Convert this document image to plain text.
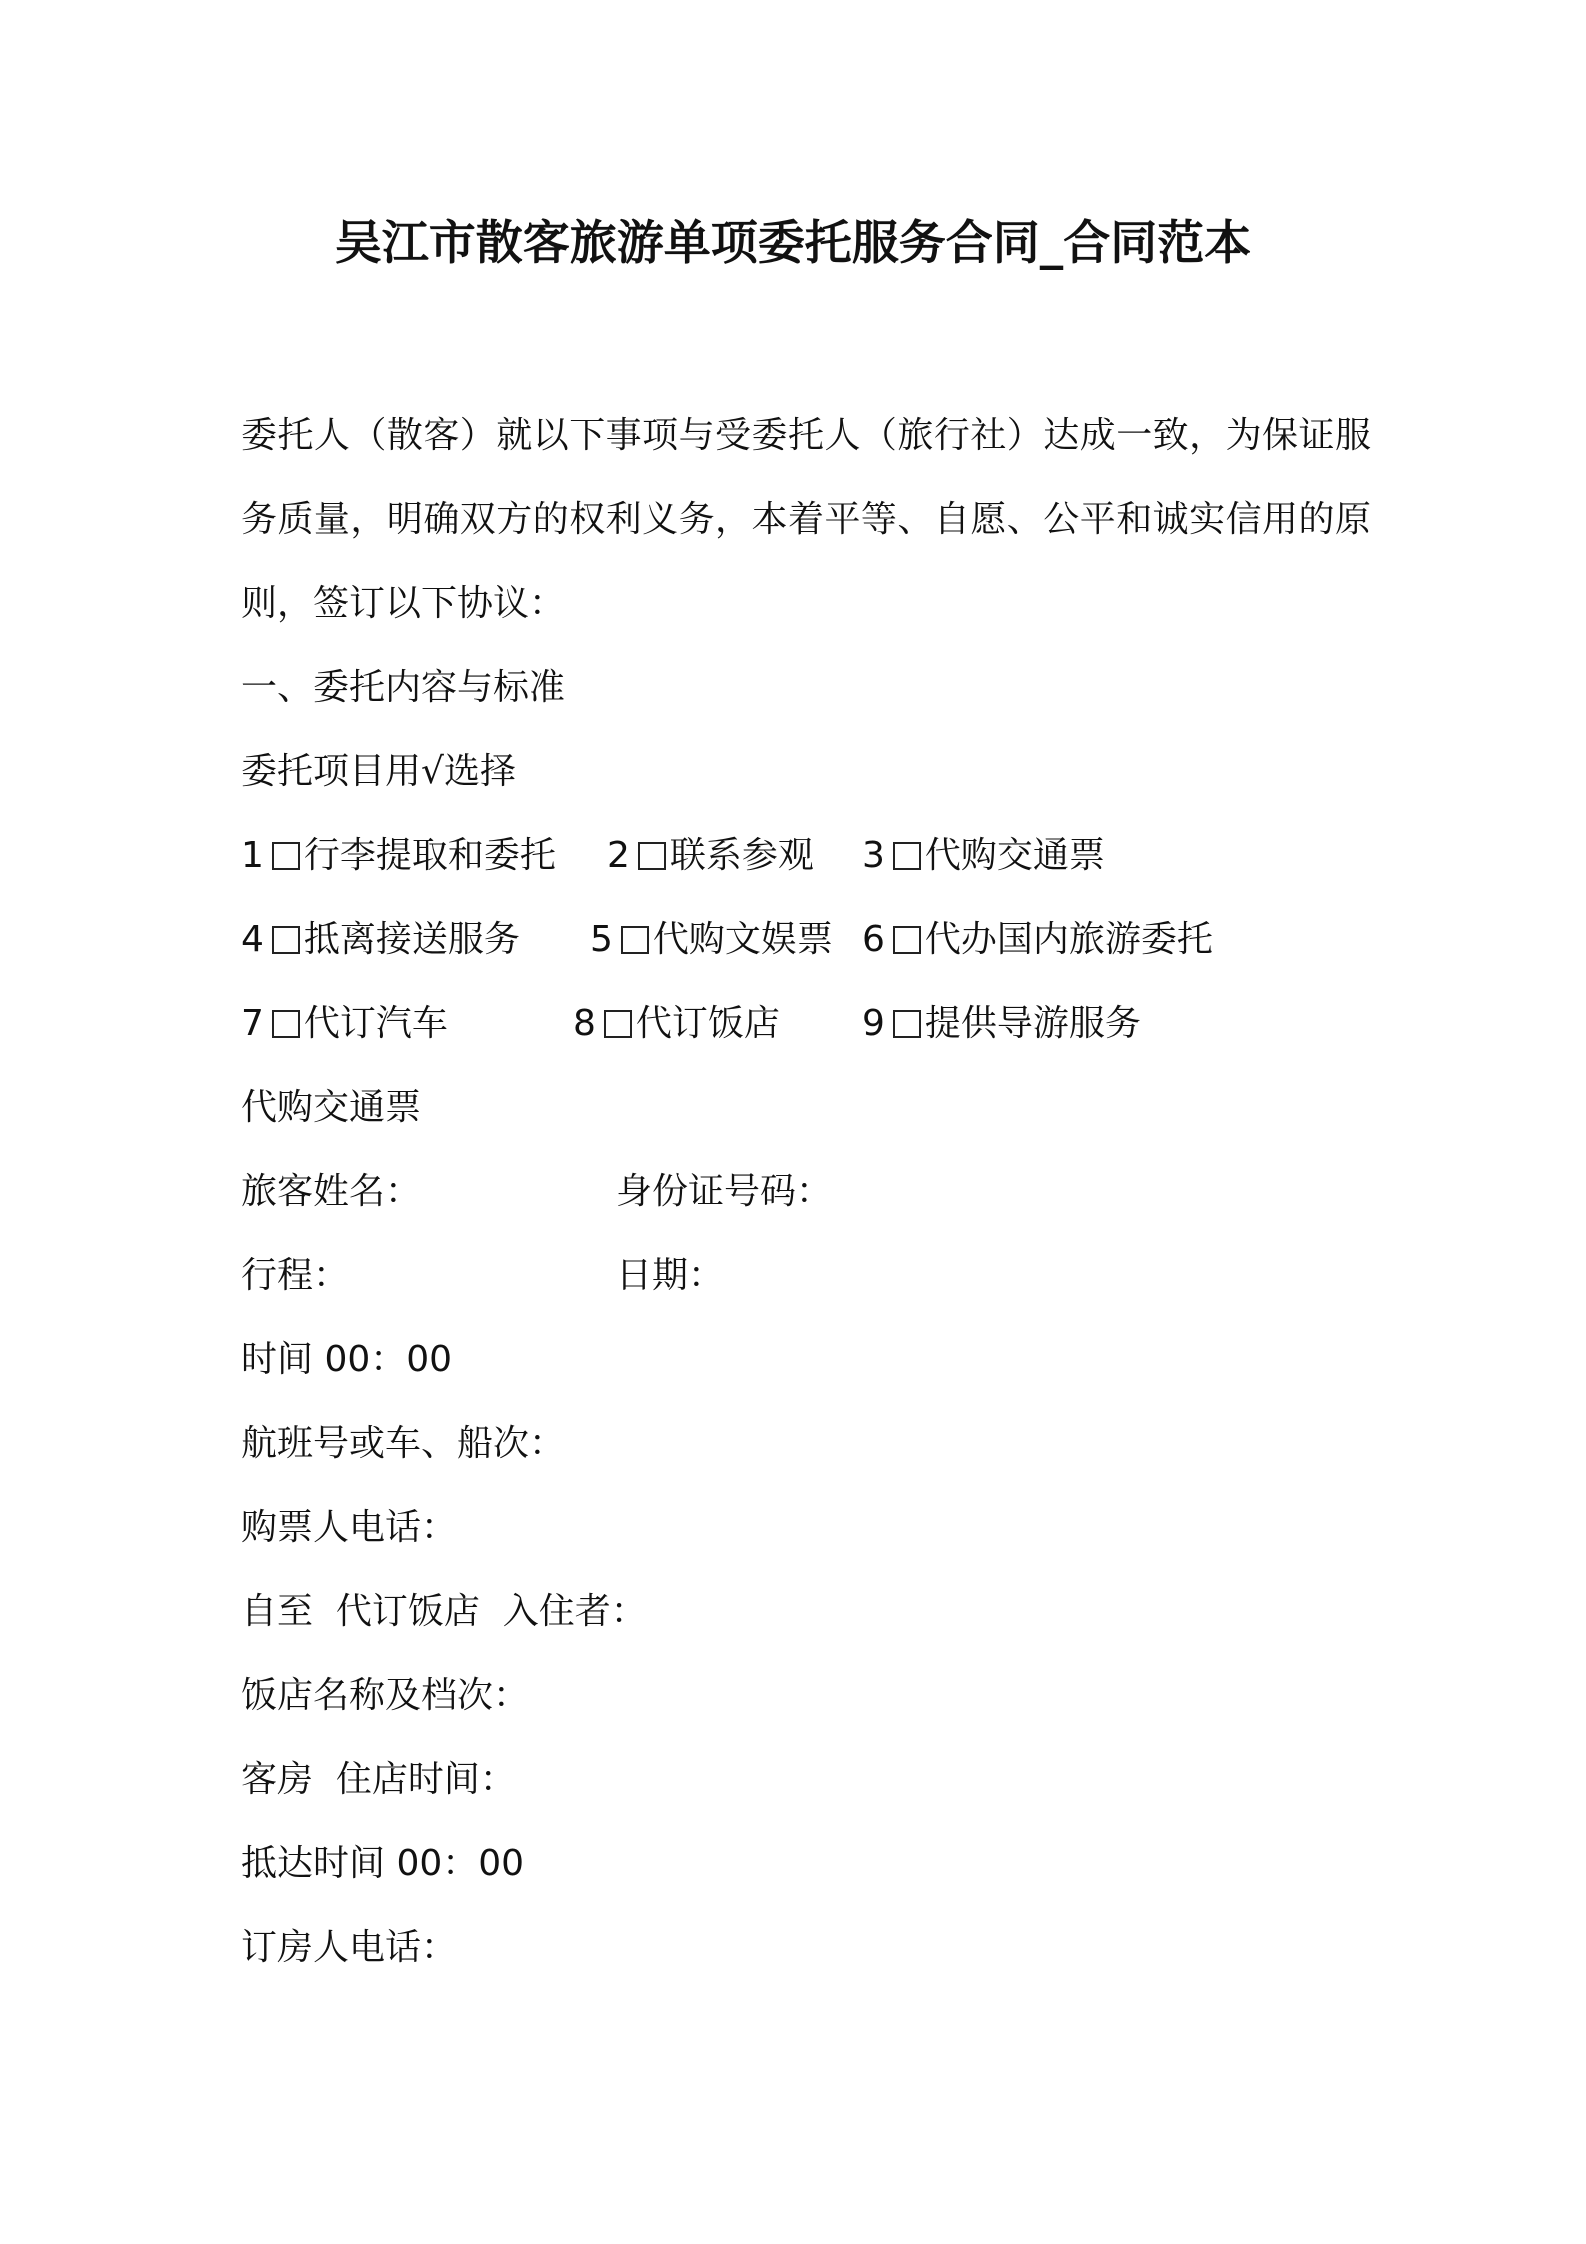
吴江市散客旅游单项委托服务合同_合同范本
委托人（散客）就以下事项与受委托人（旅行社）达成一致，为保证服务质量，明确双方的权利义务，本着平等、自愿、公平和诚实信用的原则，签订以下协议：
一、委托内容与标准
委托项目用√选择
1 行李提取和委托 2 联系参观 3 代购交通票
4 抵离接送服务 5 代购文娱票 6 代办国内旅游委托
7 代订汽车	8 代订饭店 9 提供导游服务
代购交通票
旅客姓名：	身份证号码：
行程：	日期：
时间 00：00
航班号或车、船次：
购票人电话：
自至  代订饭店  入住者：
饭店名称及档次：
客房  住店时间：
抵达时间 00：00
订房人电话：
